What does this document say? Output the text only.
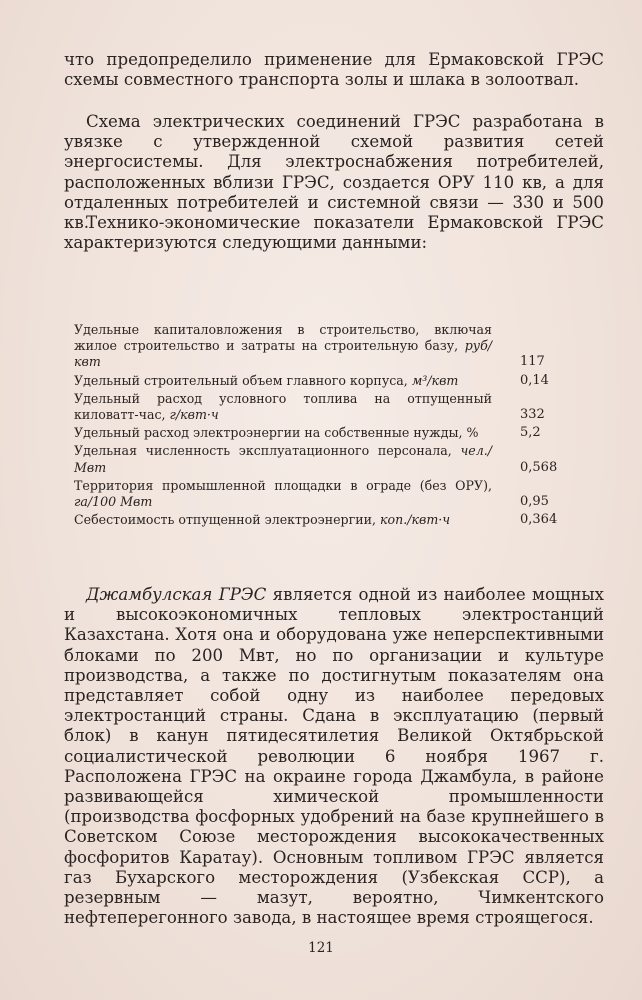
что предопределило применение для Ермаковской ГРЭС схемы совместного транспорта золы и шлака в золоотвал.
Схема электрических соединений ГРЭС разработана в увязке с утвержденной схемой развития сетей энергосистемы. Для электроснабжения потребителей, расположенных вблизи ГРЭС, создается ОРУ 110 кв, а для отдаленных потребителей и системной связи — 330 и 500 кв.
Технико-экономические показатели Ермаковской ГРЭС характеризуются следующими данными:
Удельные капиталовложения в строительство, включая жилое строительство и затраты на строительную базу, руб/квт	117
Удельный строительный объем главного корпуса, м³/квт	0,14
Удельный расход условного топлива на отпущенный киловатт-час, г/квт·ч	332
Удельный расход электроэнергии на собственные нужды, %	5,2
Удельная численность эксплуатационного персонала, чел./Мвт	0,568
Территория промышленной площадки в ограде (без ОРУ), га/100 Мвт	0,95
Себестоимость отпущенной электроэнергии, коп./квт·ч	0,364
Джамбулская ГРЭС является одной из наиболее мощных и высокоэкономичных тепловых электростанций Казахстана. Хотя она и оборудована уже неперспективными блоками по 200 Мвт, но по организации и культуре производства, а также по достигнутым показателям она представляет собой одну из наиболее передовых электростанций страны. Сдана в эксплуатацию (первый блок) в канун пятидесятилетия Великой Октябрьской социалистической революции 6 ноября 1967 г. Расположена ГРЭС на окраине города Джамбула, в районе развивающейся химической промышленности (производства фосфорных удобрений на базе крупнейшего в Советском Союзе месторождения высококачественных фосфоритов Каратау). Основным топливом ГРЭС является газ Бухарского месторождения (Узбекская ССР), а резервным — мазут, вероятно, Чимкентского нефтеперегонного завода, в настоящее время строящегося.
121
